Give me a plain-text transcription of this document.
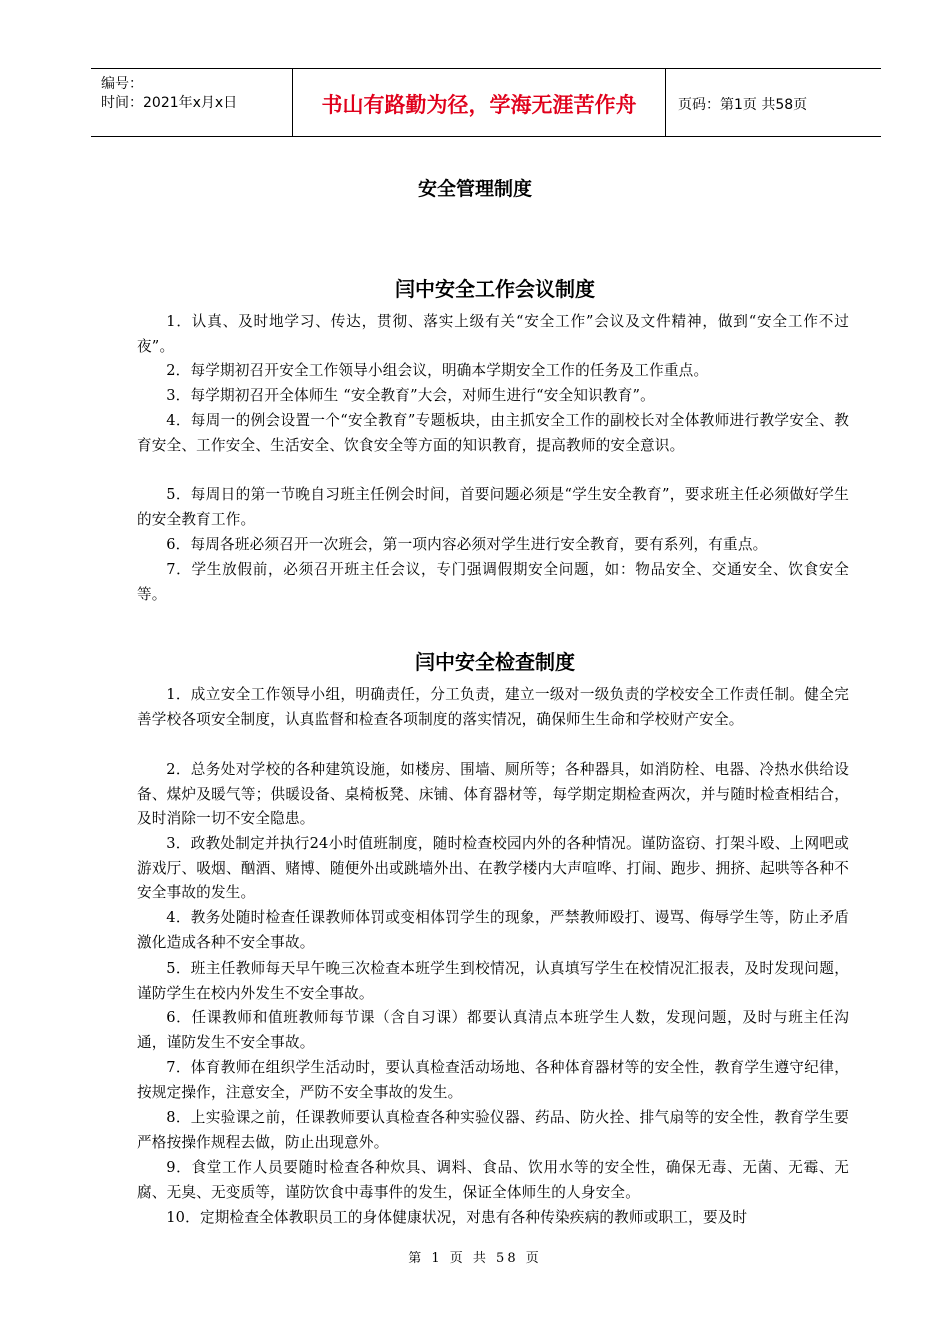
编号：
时间：2021年x月x日	书山有路勤为径，学海无涯苦作舟	页码：第1页 共58页
安全管理制度
闫中安全工作会议制度

1．认真、及时地学习、传达，贯彻、落实上级有关“安全工作”会议及文件精神，做到“安全工作不过夜”。

2．每学期初召开安全工作领导小组会议，明确本学期安全工作的任务及工作重点。

3．每学期初召开全体师生 “安全教育”大会，对师生进行“安全知识教育”。

4．每周一的例会设置一个“安全教育”专题板块，由主抓安全工作的副校长对全体教师进行教学安全、教育安全、工作安全、生活安全、饮食安全等方面的知识教育，提高教师的安全意识。

5．每周日的第一节晚自习班主任例会时间，首要问题必须是“学生安全教育”，要求班主任必须做好学生的安全教育工作。

6．每周各班必须召开一次班会，第一项内容必须对学生进行安全教育，要有系列，有重点。

7．学生放假前，必须召开班主任会议，专门强调假期安全问题，如：物品安全、交通安全、饮食安全等。

闫中安全检查制度

1．成立安全工作领导小组，明确责任，分工负责，建立一级对一级负责的学校安全工作责任制。健全完善学校各项安全制度，认真监督和检查各项制度的落实情况，确保师生生命和学校财产安全。

2．总务处对学校的各种建筑设施，如楼房、围墙、厕所等；各种器具，如消防栓、电器、冷热水供给设备、煤炉及暖气等；供暖设备、桌椅板凳、床铺、体育器材等，每学期定期检查两次，并与随时检查相结合，及时消除一切不安全隐患。

3．政教处制定并执行24小时值班制度，随时检查校园内外的各种情况。谨防盗窃、打架斗殴、上网吧或游戏厅、吸烟、酗酒、赌博、随便外出或跳墙外出、在教学楼内大声喧哗、打闹、跑步、拥挤、起哄等各种不安全事故的发生。

4．教务处随时检查任课教师体罚或变相体罚学生的现象，严禁教师殴打、谩骂、侮辱学生等，防止矛盾激化造成各种不安全事故。

5．班主任教师每天早午晚三次检查本班学生到校情况，认真填写学生在校情况汇报表，及时发现问题，谨防学生在校内外发生不安全事故。

6．任课教师和值班教师每节课（含自习课）都要认真清点本班学生人数，发现问题，及时与班主任沟通，谨防发生不安全事故。

7．体育教师在组织学生活动时，要认真检查活动场地、各种体育器材等的安全性，教育学生遵守纪律，按规定操作，注意安全，严防不安全事故的发生。

8．上实验课之前，任课教师要认真检查各种实验仪器、药品、防火拴、排气扇等的安全性，教育学生要严格按操作规程去做，防止出现意外。

9．食堂工作人员要随时检查各种炊具、调料、食品、饮用水等的安全性，确保无毒、无菌、无霉、无腐、无臭、无变质等，谨防饮食中毒事件的发生，保证全体师生的人身安全。

10．定期检查全体教职员工的身体健康状况，对患有各种传染疾病的教师或职工，要及时

第 1 页 共 58 页
